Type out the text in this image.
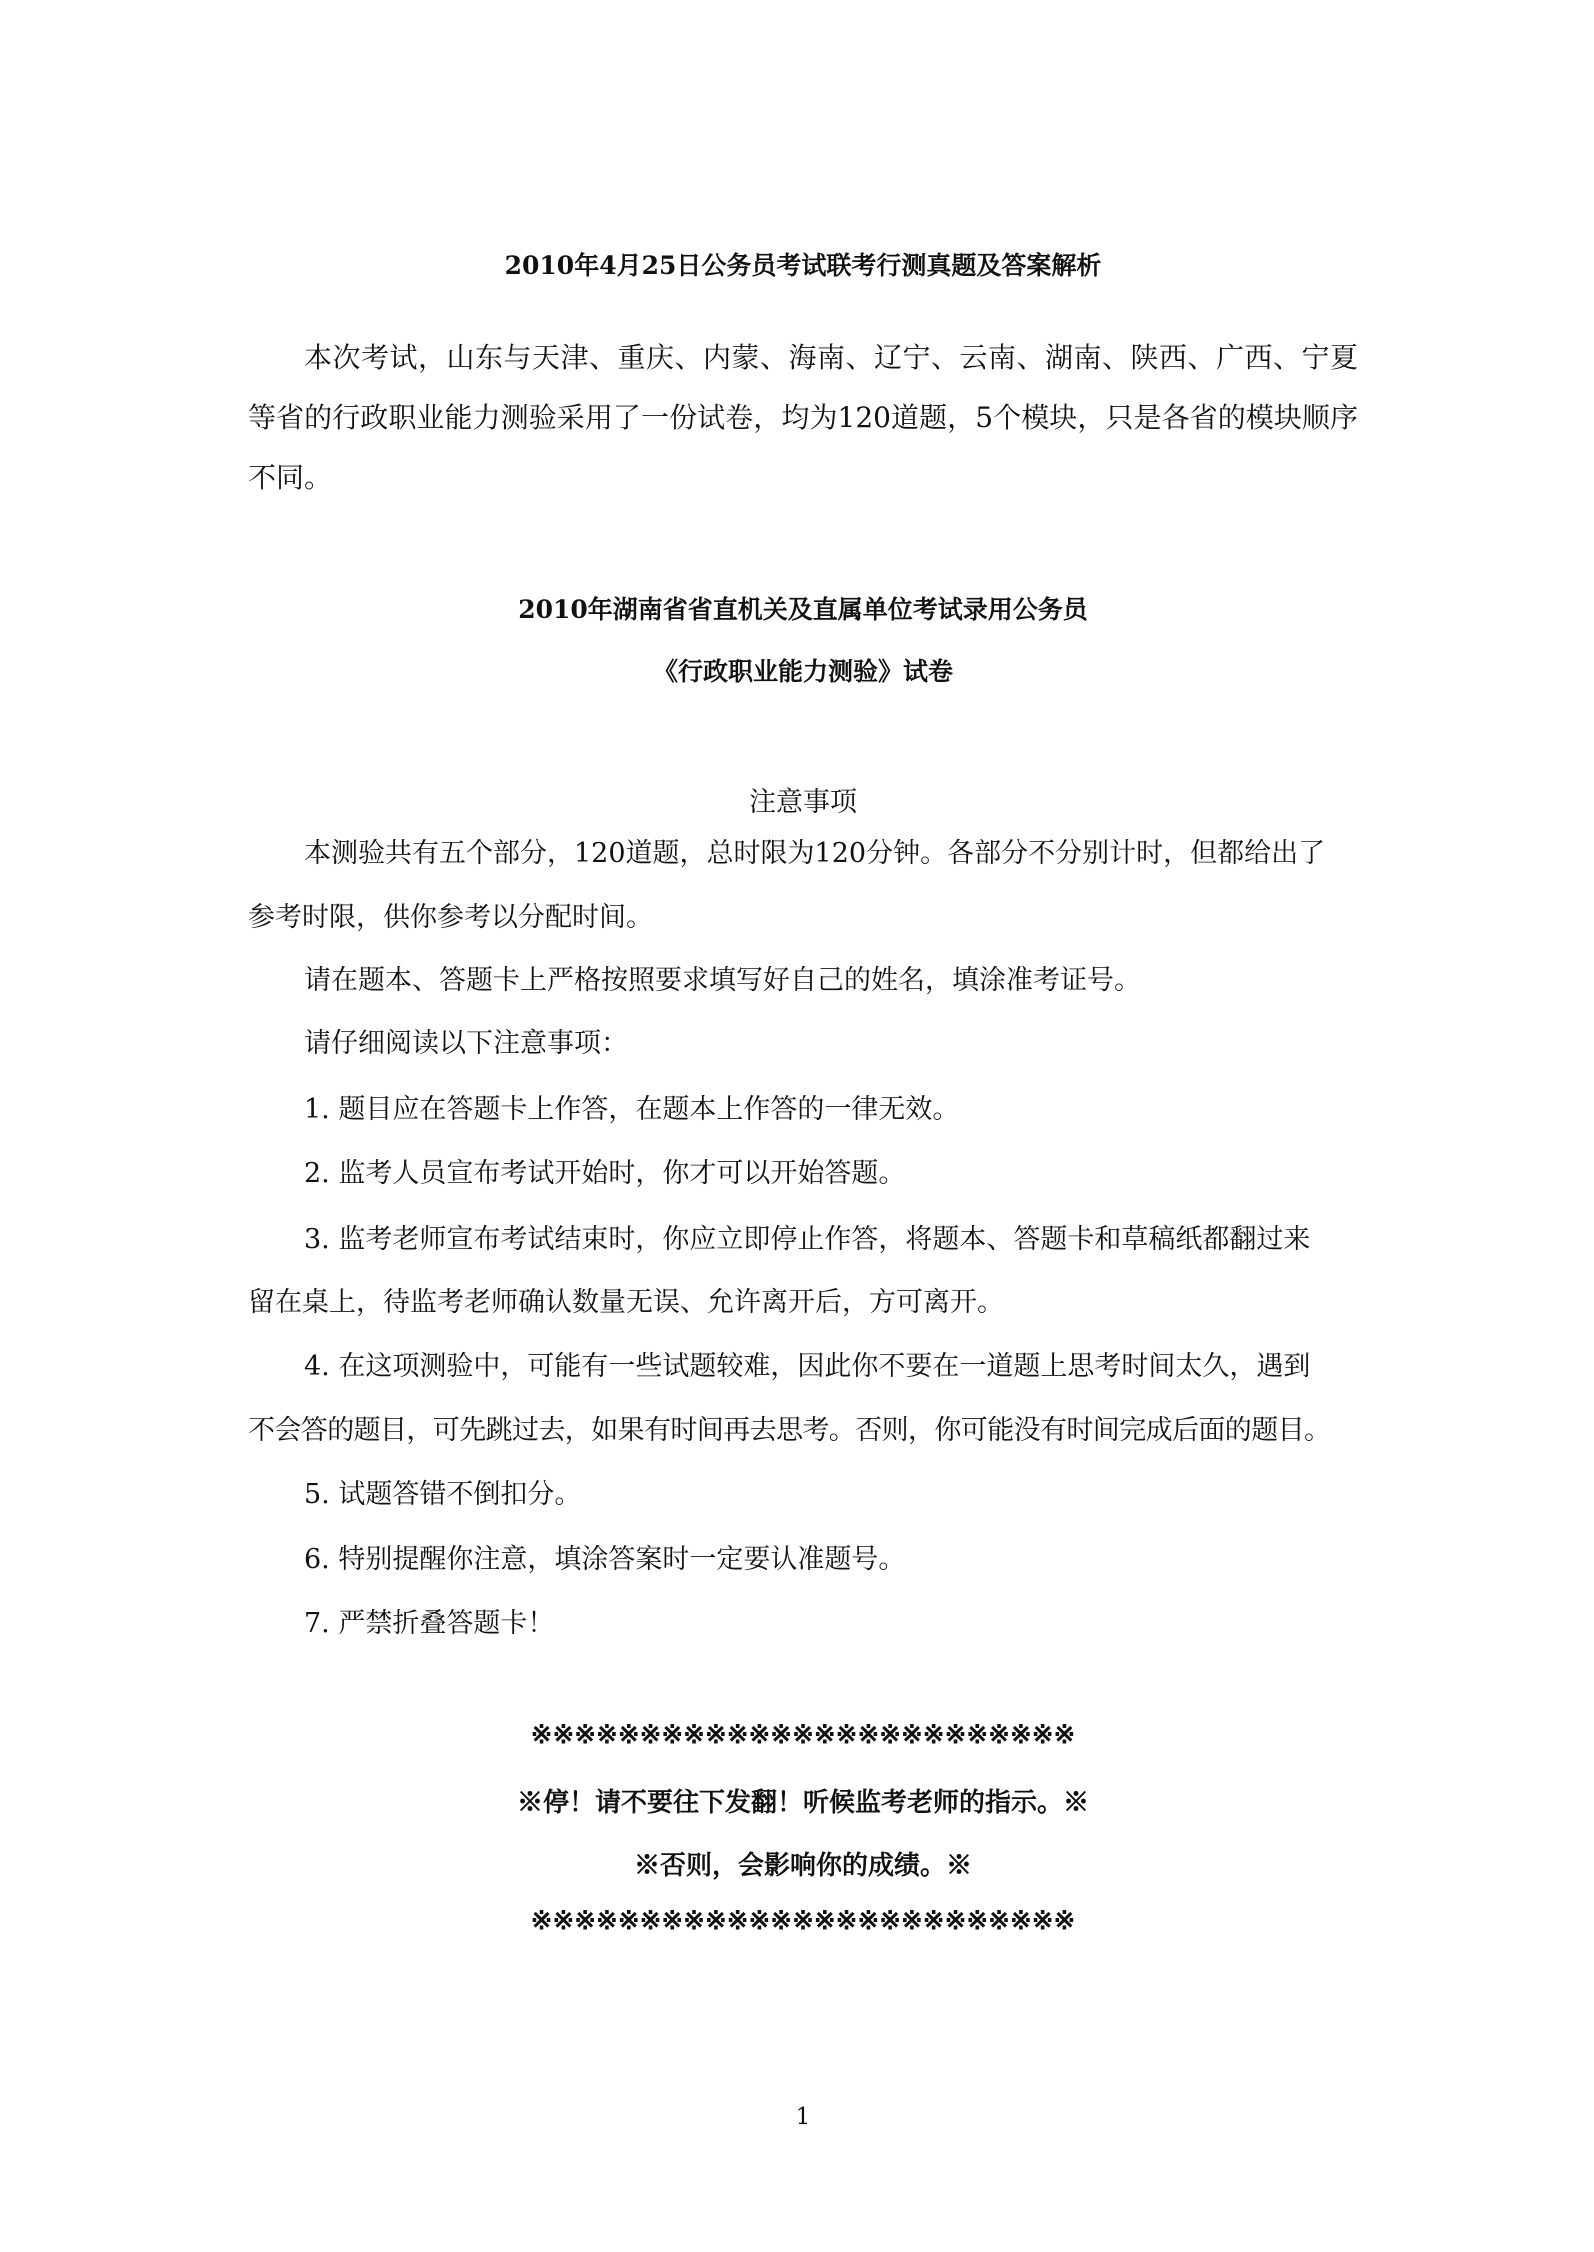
2010年4月25日公务员考试联考行测真题及答案解析
本次考试，山东与天津、重庆、内蒙、海南、辽宁、云南、湖南、陕西、广西、宁夏等省的行政职业能力测验采用了一份试卷，均为120道题，5个模块，只是各省的模块顺序不同。
2010年湖南省省直机关及直属单位考试录用公务员
《行政职业能力测验》试卷
注意事项
本测验共有五个部分，120道题，总时限为120分钟。各部分不分别计时，但都给出了
参考时限，供你参考以分配时间。
请在题本、答题卡上严格按照要求填写好自己的姓名，填涂准考证号。
请仔细阅读以下注意事项：
1. 题目应在答题卡上作答，在题本上作答的一律无效。
2. 监考人员宣布考试开始时，你才可以开始答题。
3. 监考老师宣布考试结束时，你应立即停止作答，将题本、答题卡和草稿纸都翻过来
留在桌上，待监考老师确认数量无误、允许离开后，方可离开。
4. 在这项测验中，可能有一些试题较难，因此你不要在一道题上思考时间太久，遇到
不会答的题目，可先跳过去，如果有时间再去思考。否则，你可能没有时间完成后面的题目。
5. 试题答错不倒扣分。
6. 特别提醒你注意，填涂答案时一定要认准题号。
7. 严禁折叠答题卡！
※※※※※※※※※※※※※※※※※※※※※※※※※
※停！请不要往下发翻！听候监考老师的指示。※
※否则，会影响你的成绩。※
※※※※※※※※※※※※※※※※※※※※※※※※※
1
